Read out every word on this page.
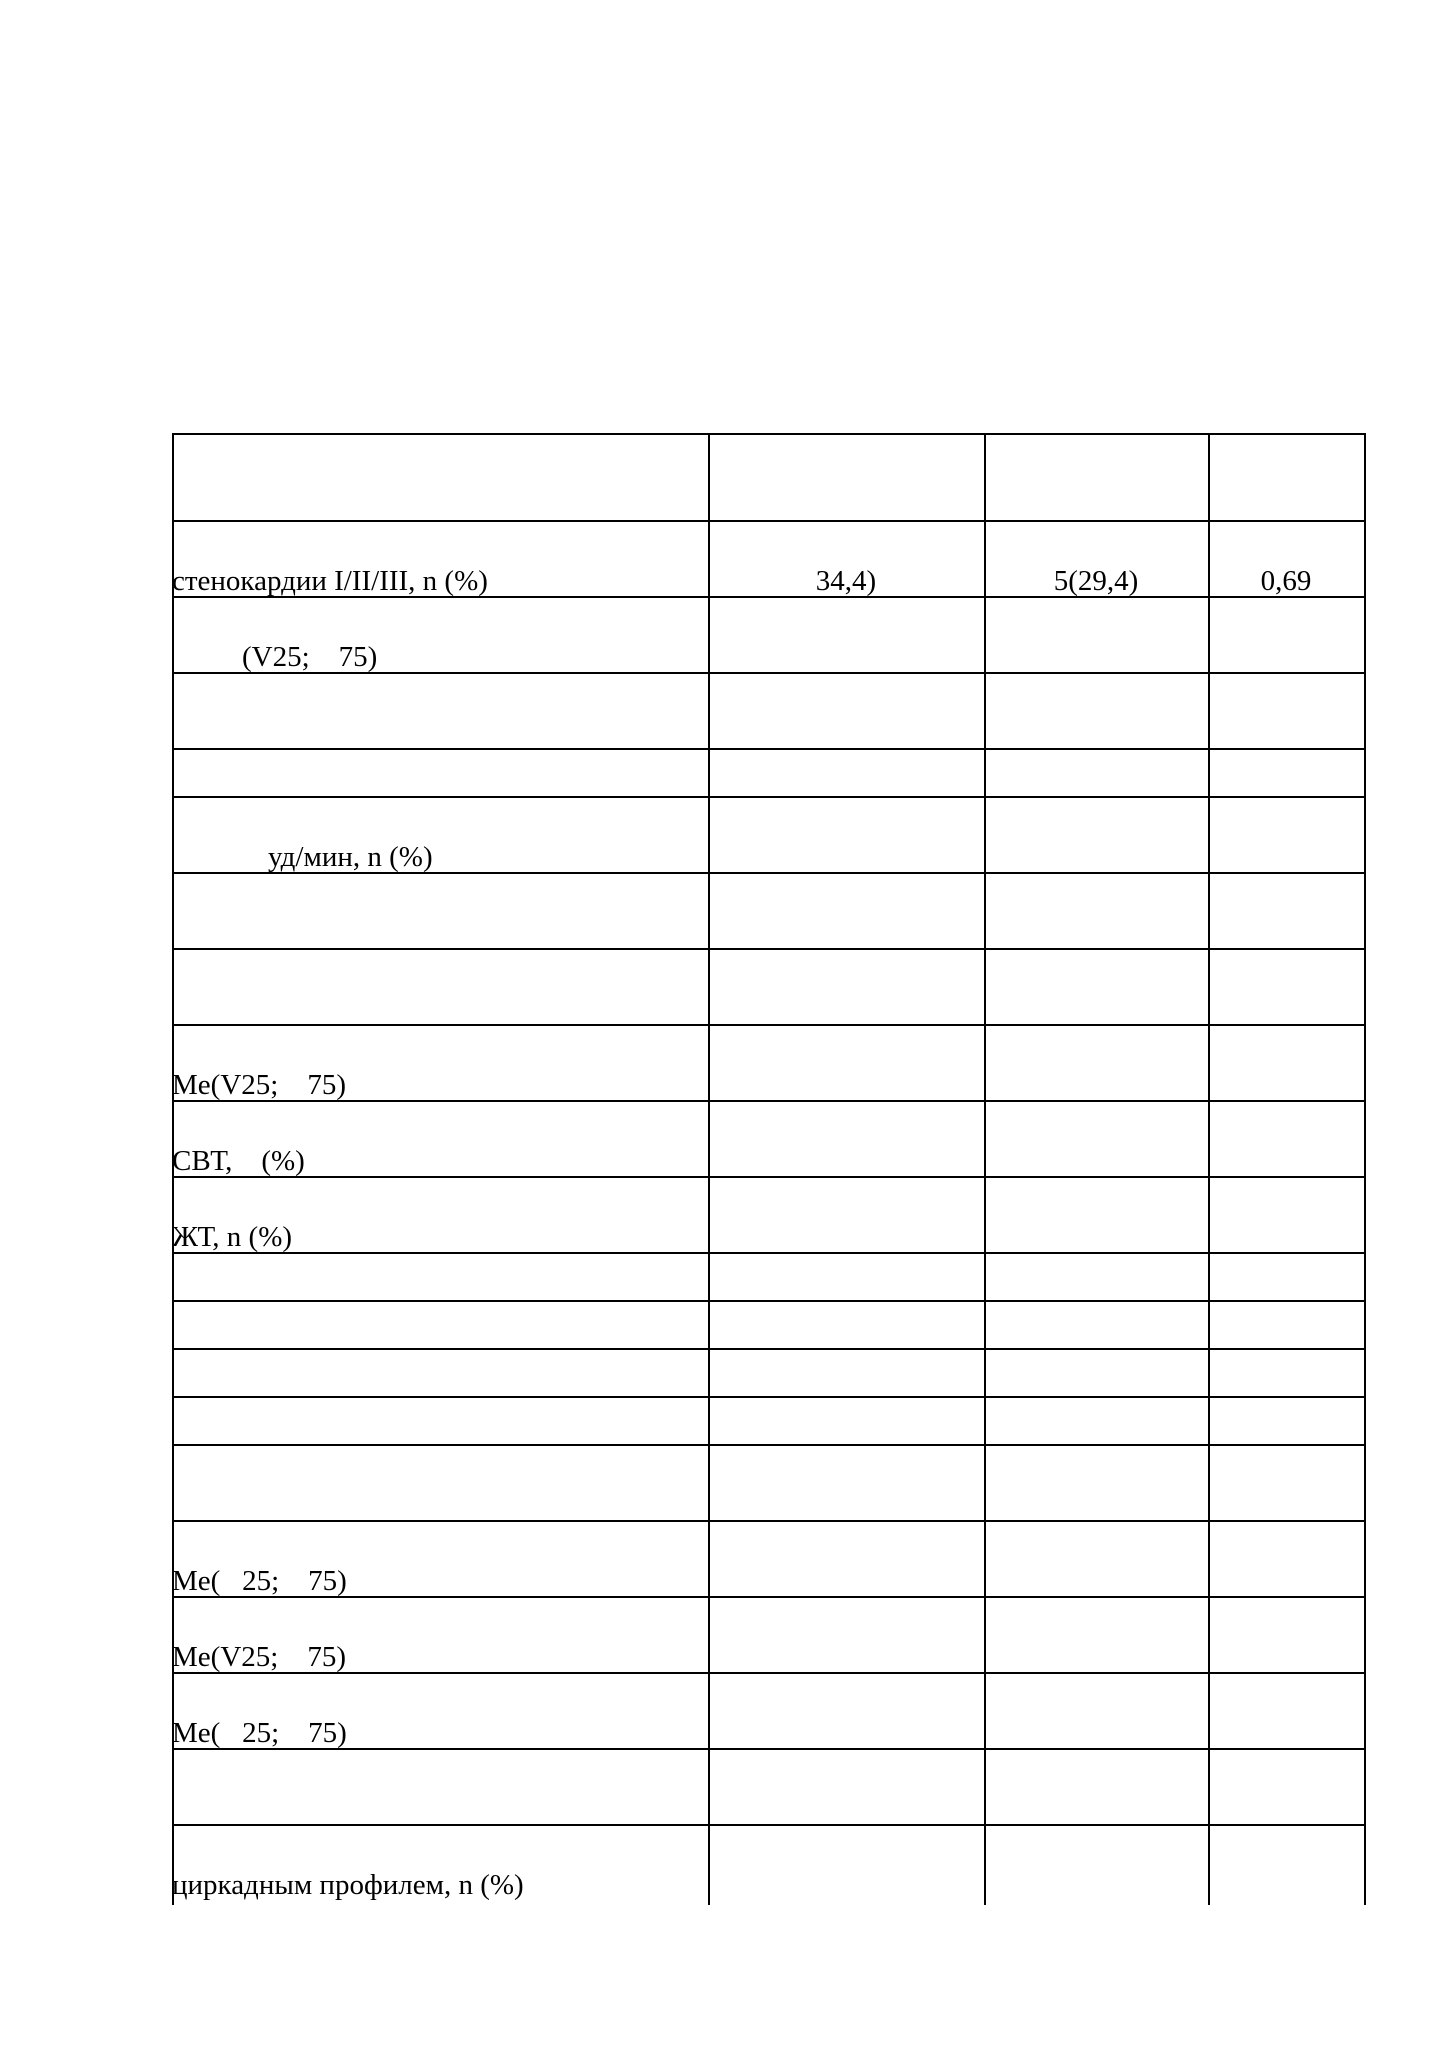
стенокардии I/II/III, n (%)
(V25;    75)
уд/мин, n (%)
Me(V25;    75)
СВТ,    (%)
ЖТ, n (%)
Me(   25;    75)
Me(V25;    75)
Me(   25;    75)
циркадным профилем, n (%)
34,4)	5(29,4)	0,69
